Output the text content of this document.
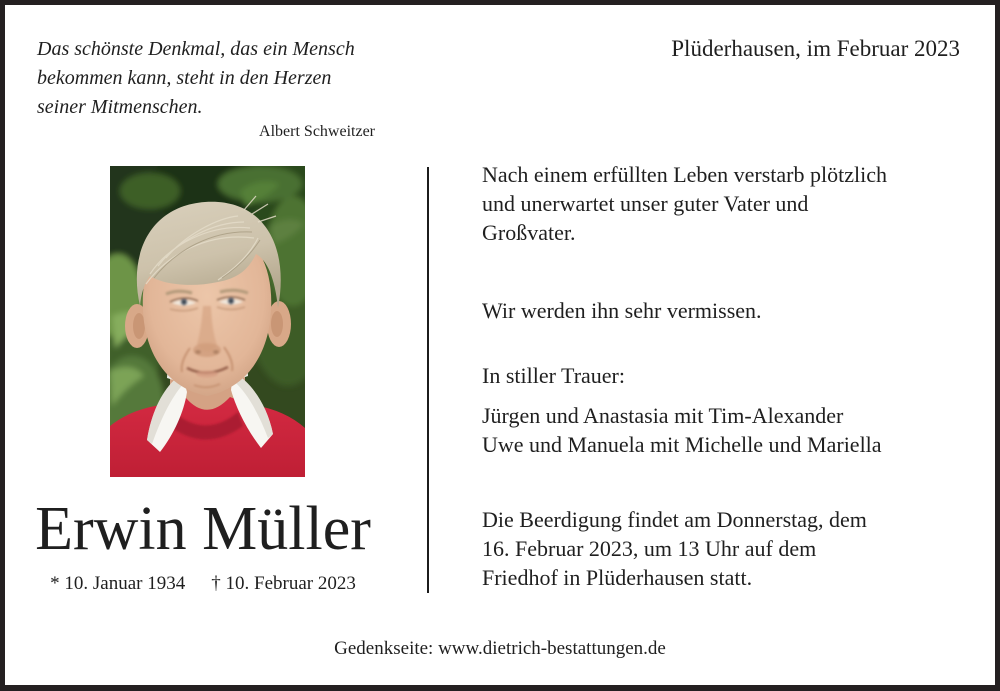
Das schönste Denkmal, das ein Mensch
bekommen kann, steht in den Herzen
seiner Mitmenschen.
Albert Schweitzer
Plüderhausen, im Februar 2023
Nach einem erfüllten Leben verstarb plötzlich
und unerwartet unser guter Vater und
Großvater.
Wir werden ihn sehr vermissen.
In stiller Trauer:
Jürgen und Anastasia mit Tim-Alexander
Uwe und Manuela mit Michelle und Mariella
Die Beerdigung findet am Donnerstag, dem
16. Februar 2023, um 13 Uhr auf dem
Friedhof in Plüderhausen statt.
Erwin Müller
* 10. Januar 1934 † 10. Februar 2023
Gedenkseite: www.dietrich-bestattungen.de
